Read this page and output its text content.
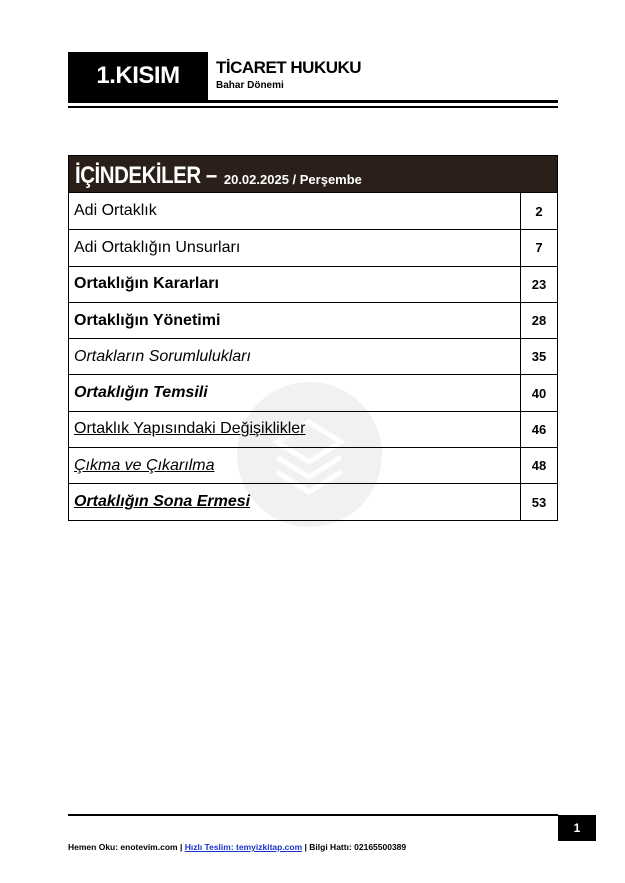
1.KISIM	TİCARET HUKUKU
Bahar Dönemi
İÇİNDEKİLER – 20.02.2025 / Perşembe
Adi Ortaklık	2
Adi Ortaklığın Unsurları	7
Ortaklığın Kararları	23
Ortaklığın Yönetimi	28
Ortakların Sorumlulukları	35
Ortaklığın Temsili	40
Ortaklık Yapısındaki Değişiklikler	46
Çıkma ve Çıkarılma	48
Ortaklığın Sona Ermesi	53
1
Hemen Oku: enotevim.com | Hızlı Teslim: temyizkitap.com | Bilgi Hattı: 02165500389
